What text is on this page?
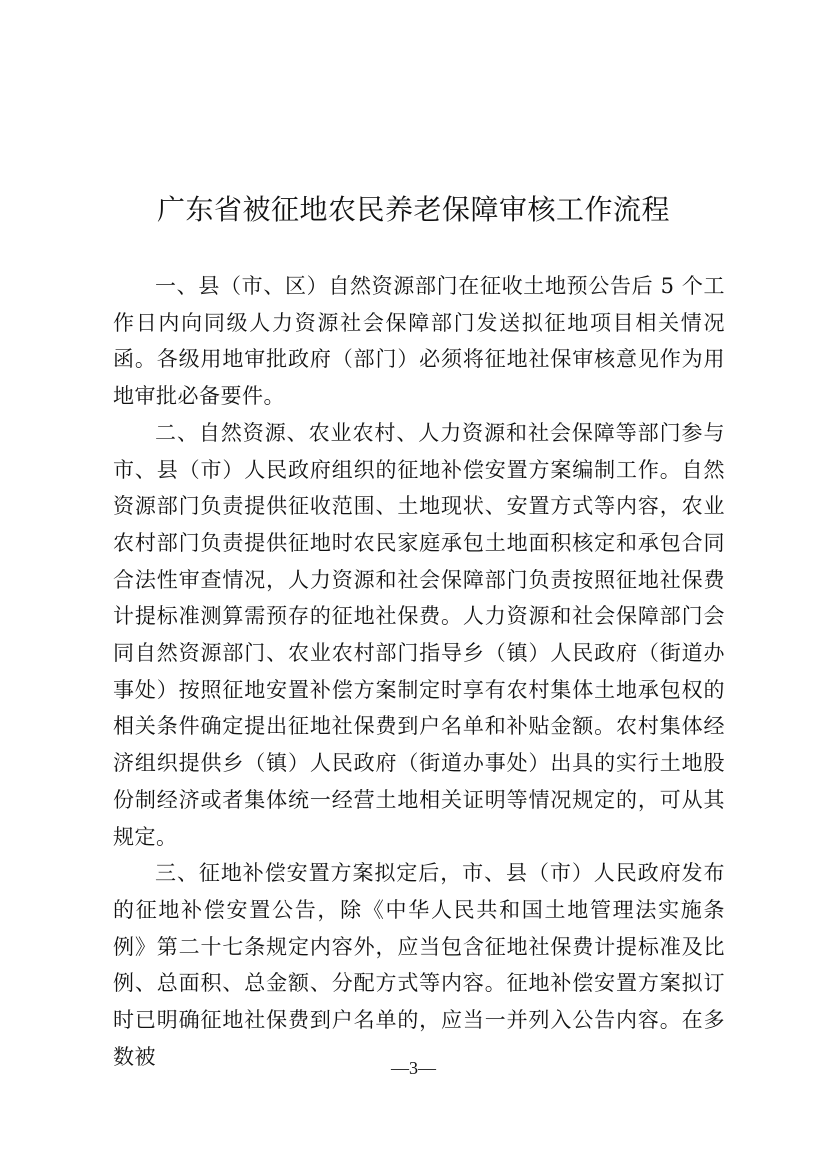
广东省被征地农民养老保障审核工作流程

一、县（市、区）自然资源部门在征收土地预公告后 5 个工作日内向同级人力资源社会保障部门发送拟征地项目相关情况函。各级用地审批政府（部门）必须将征地社保审核意见作为用地审批必备要件。

二、自然资源、农业农村、人力资源和社会保障等部门参与市、县（市）人民政府组织的征地补偿安置方案编制工作。自然资源部门负责提供征收范围、土地现状、安置方式等内容，农业农村部门负责提供征地时农民家庭承包土地面积核定和承包合同合法性审查情况，人力资源和社会保障部门负责按照征地社保费计提标准测算需预存的征地社保费。人力资源和社会保障部门会同自然资源部门、农业农村部门指导乡（镇）人民政府（街道办事处）按照征地安置补偿方案制定时享有农村集体土地承包权的相关条件确定提出征地社保费到户名单和补贴金额。农村集体经济组织提供乡（镇）人民政府（街道办事处）出具的实行土地股份制经济或者集体统一经营土地相关证明等情况规定的，可从其规定。

三、征地补偿安置方案拟定后，市、县（市）人民政府发布的征地补偿安置公告，除《中华人民共和国土地管理法实施条例》第二十七条规定内容外，应当包含征地社保费计提标准及比例、总面积、总金额、分配方式等内容。征地补偿安置方案拟订时已明确征地社保费到户名单的，应当一并列入公告内容。在多数被	—3—
